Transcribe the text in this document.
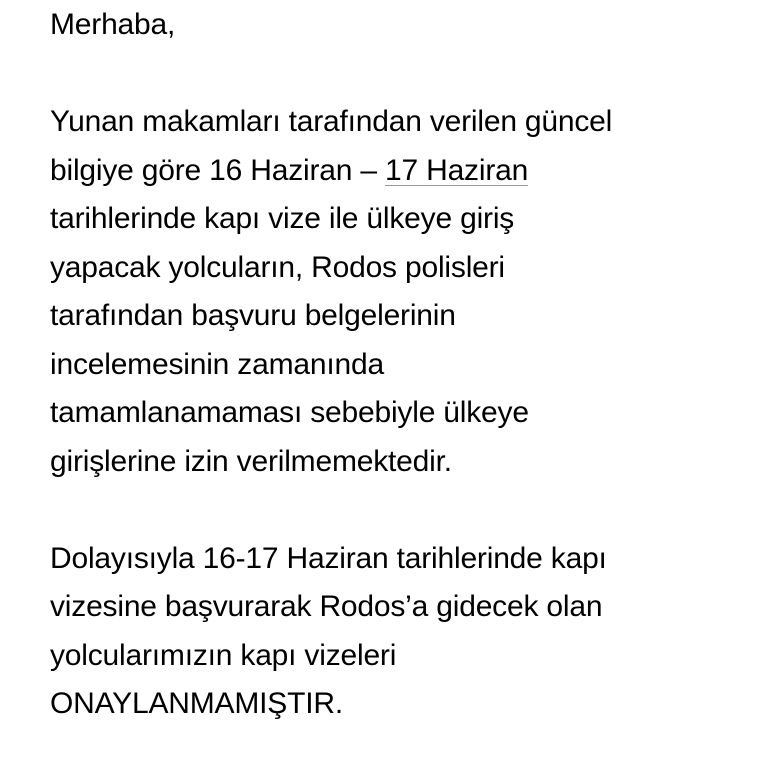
Merhaba,
Yunan makamları tarafından verilen güncel
bilgiye göre 16 Haziran – 17 Haziran
tarihlerinde kapı vize ile ülkeye giriş
yapacak yolcuların, Rodos polisleri
tarafından başvuru belgelerinin
incelemesinin zamanında
tamamlanamaması sebebiyle ülkeye
girişlerine izin verilmemektedir.
Dolayısıyla 16-17 Haziran tarihlerinde kapı
vizesine başvurarak Rodos’a gidecek olan
yolcularımızın kapı vizeleri
ONAYLANMAMIŞTIR.
